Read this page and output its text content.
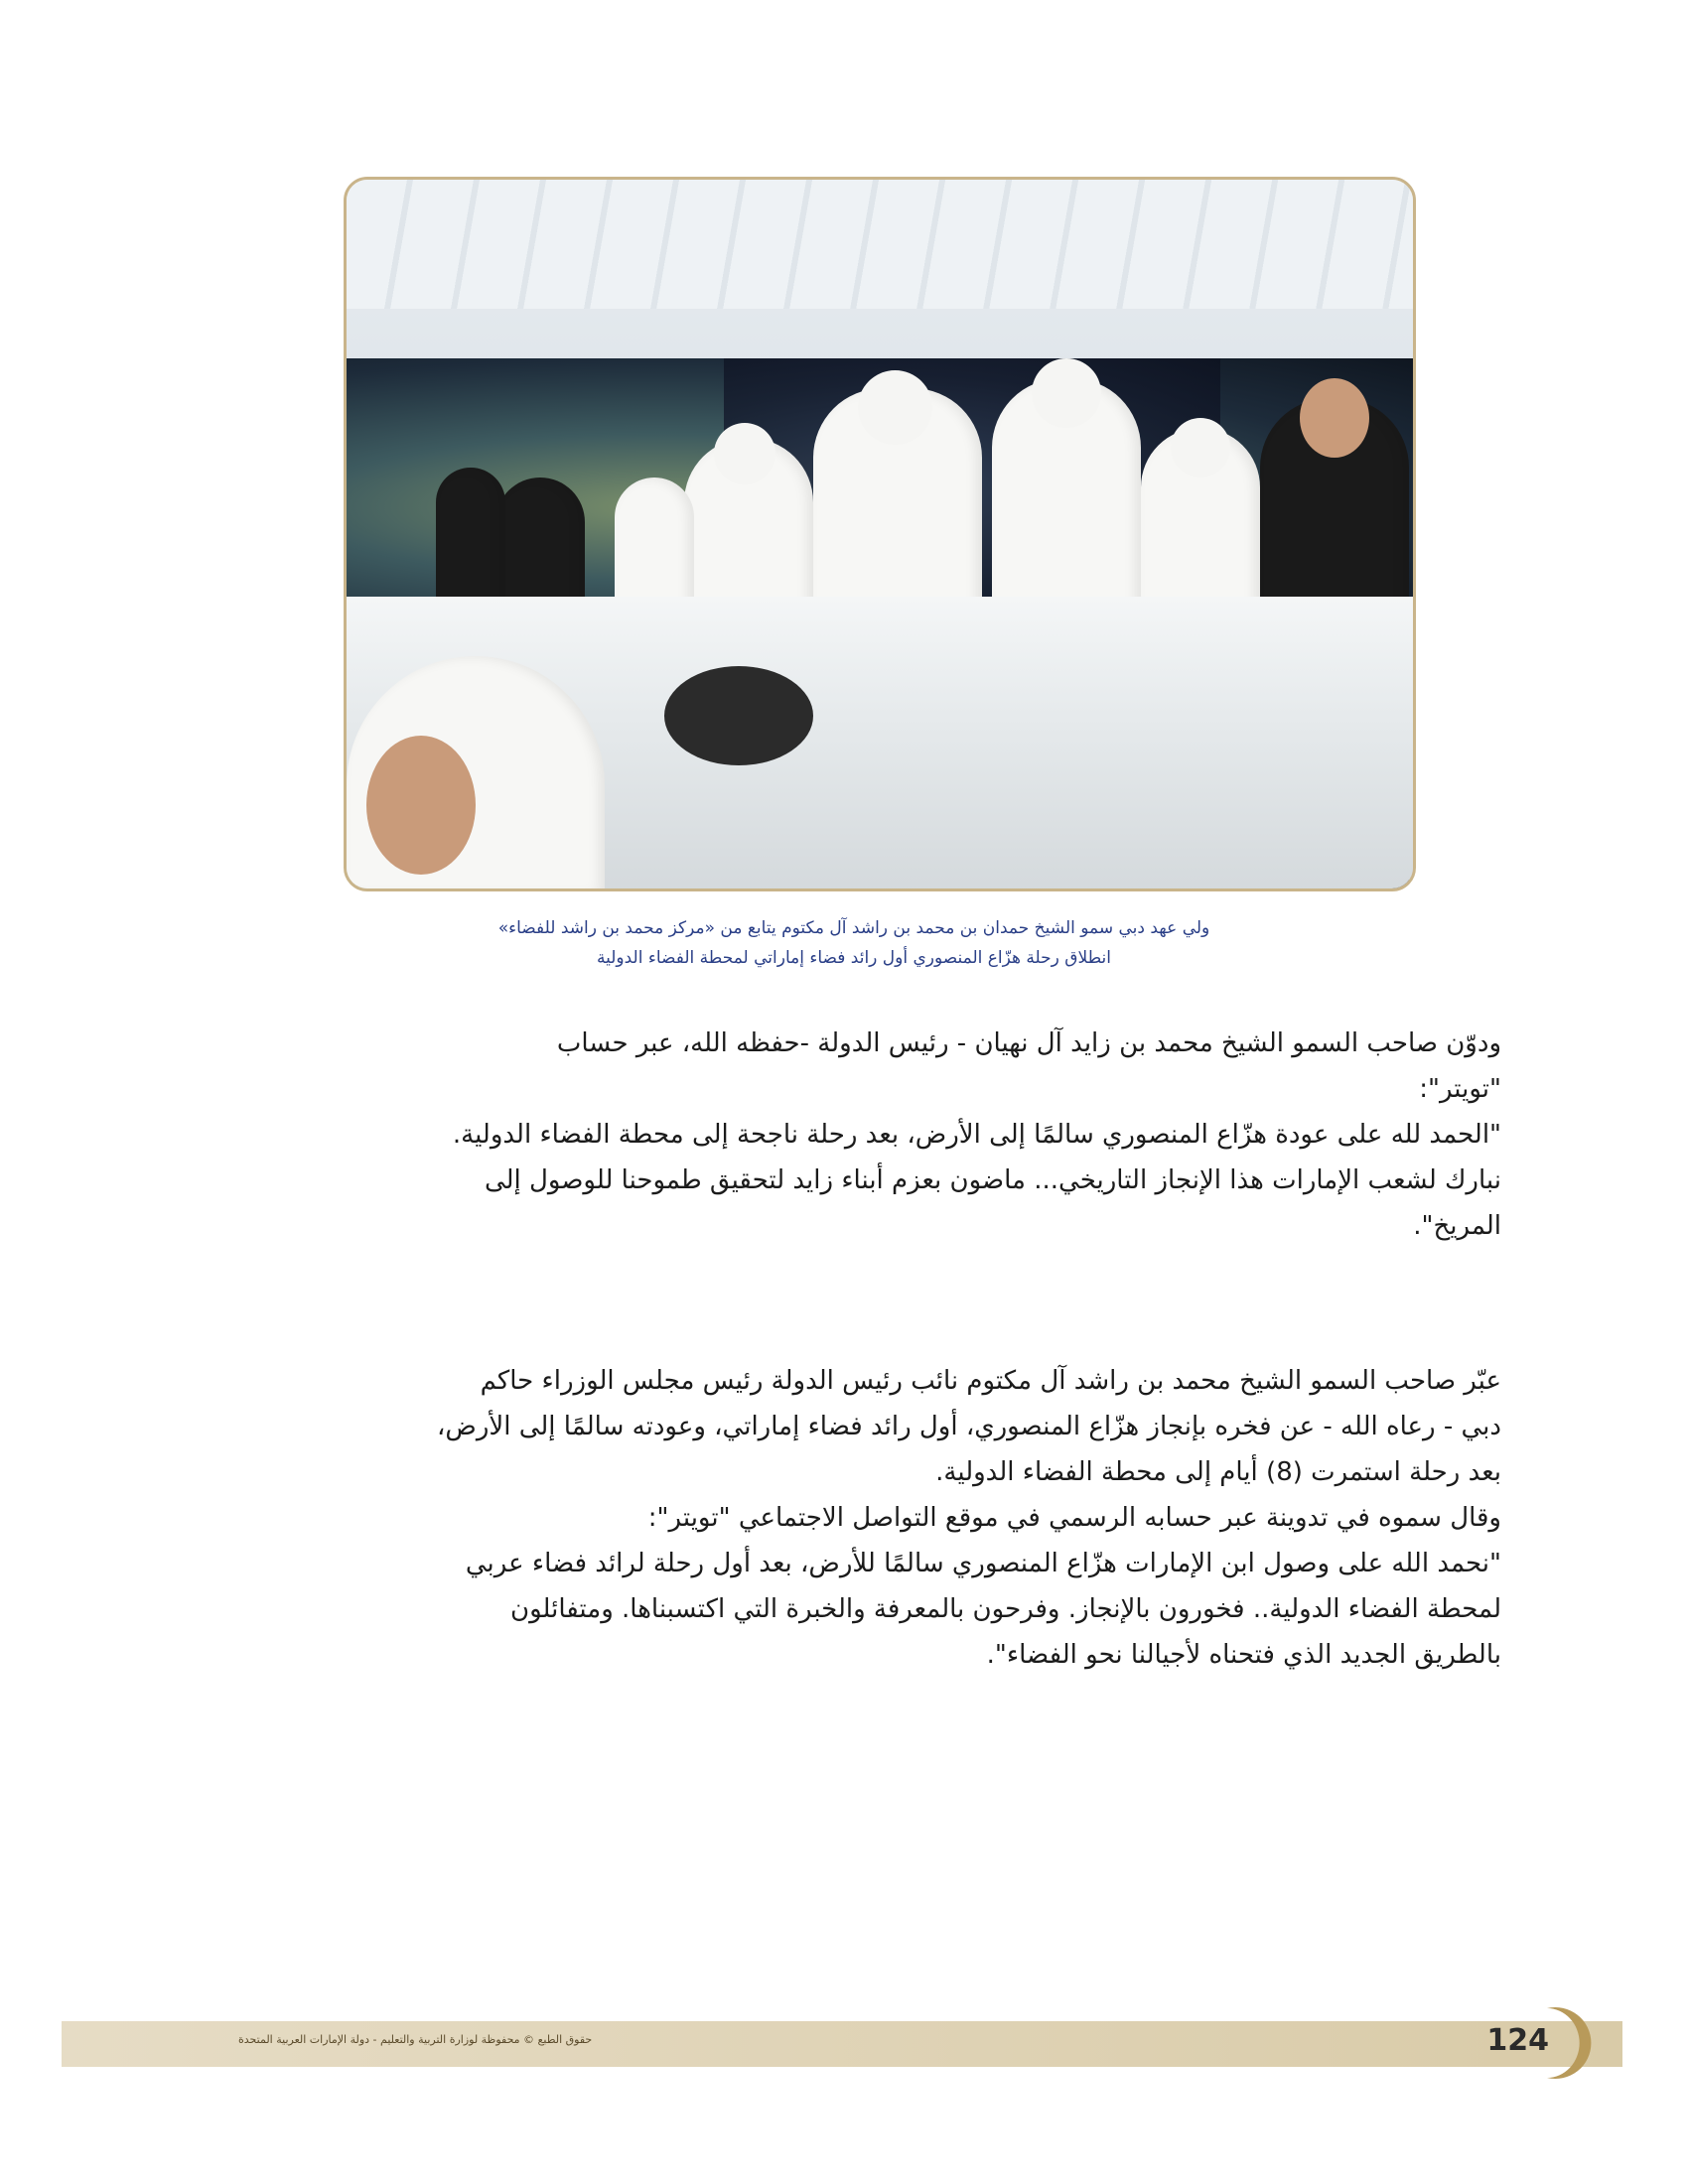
ولي عهد دبي سمو الشيخ حمدان بن محمد بن راشد آل مكتوم يتابع من «مركز محمد بن راشد للفضاء»
انطلاق رحلة هزّاع المنصوري أول رائد فضاء إماراتي لمحطة الفضاء الدولية
ودوّن صاحب السمو الشيخ محمد بن زايد آل نهيان - رئيس الدولة -حفظه الله، عبر حساب
"تويتر":
"الحمد لله على عودة هزّاع المنصوري سالمًا إلى الأرض، بعد رحلة ناجحة إلى محطة الفضاء الدولية.
نبارك لشعب الإمارات هذا الإنجاز التاريخي... ماضون بعزم أبناء زايد لتحقيق طموحنا للوصول إلى
المريخ".
عبّر صاحب السمو الشيخ محمد بن راشد آل مكتوم نائب رئيس الدولة رئيس مجلس الوزراء حاكم
دبي - رعاه الله - عن فخره بإنجاز هزّاع المنصوري، أول رائد فضاء إماراتي، وعودته سالمًا إلى الأرض،
بعد رحلة استمرت (8) أيام إلى محطة الفضاء الدولية.
وقال سموه في تدوينة عبر حسابه الرسمي في موقع التواصل الاجتماعي "تويتر":
"نحمد الله على وصول ابن الإمارات هزّاع المنصوري سالمًا للأرض، بعد أول رحلة لرائد فضاء عربي
لمحطة الفضاء الدولية.. فخورون بالإنجاز. وفرحون بالمعرفة والخبرة التي اكتسبناها. ومتفائلون
بالطريق الجديد الذي فتحناه لأجيالنا نحو الفضاء".
حقوق الطبع © محفوظة لوزارة التربية والتعليم - دولة الإمارات العربية المتحدة	124
